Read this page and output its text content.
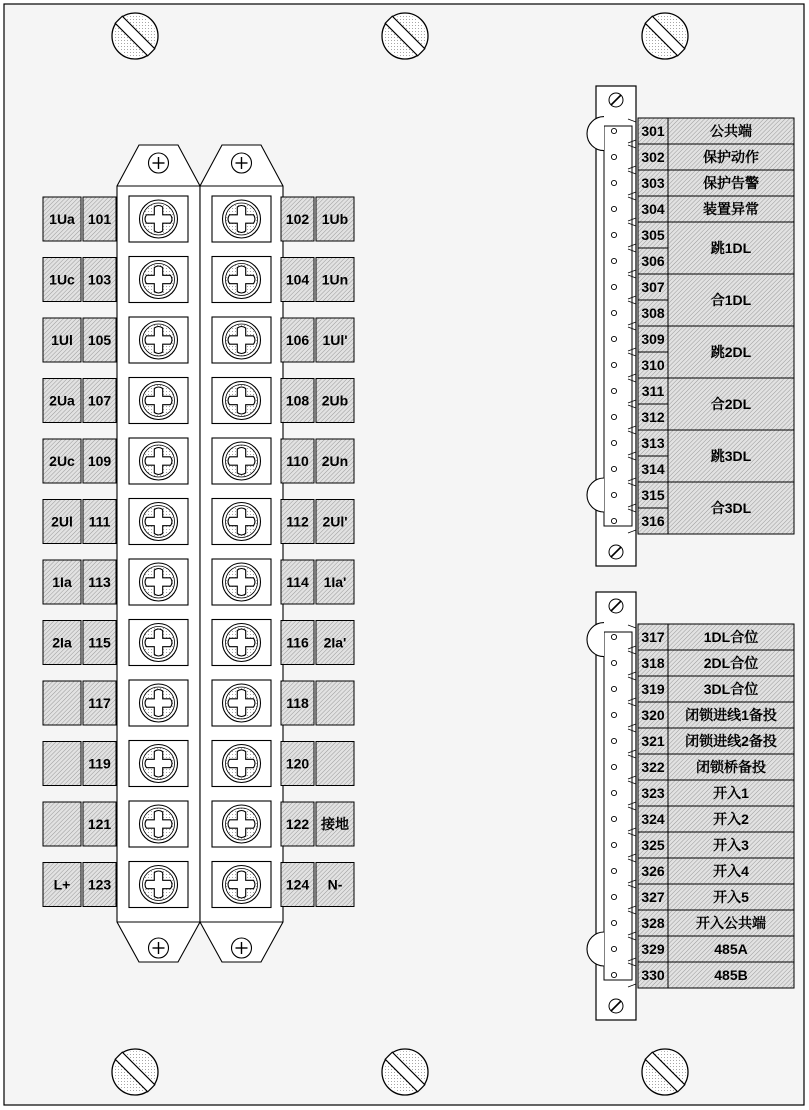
1Ua 101
1Uc 103
1Ul 105
2Ua 107
2Uc 109
2Ul 111
1Ia 113
2Ia 115
117
119
121
L+ 123
102 1Ub
104 1Un
106 1Ul'
108 2Ub
110 2Un
112 2Ul'
114 1Ia'
116 2Ia'
118
120
122 接地
124 N-
301
302
303
304
305
306
307
308
309
310
311
312
313
314
315
316
公共端
保护动作
保护告警
装置异常
跳1DL
合1DL
跳2DL
合2DL
跳3DL
合3DL
317
318
319
320
321
322
323
324
325
326
327
328
329
330
1DL合位
2DL合位
3DL合位
闭锁进线1备投
闭锁进线2备投
闭锁桥备投
开入1
开入2
开入3
开入4
开入5
开入公共端
485A
485B
